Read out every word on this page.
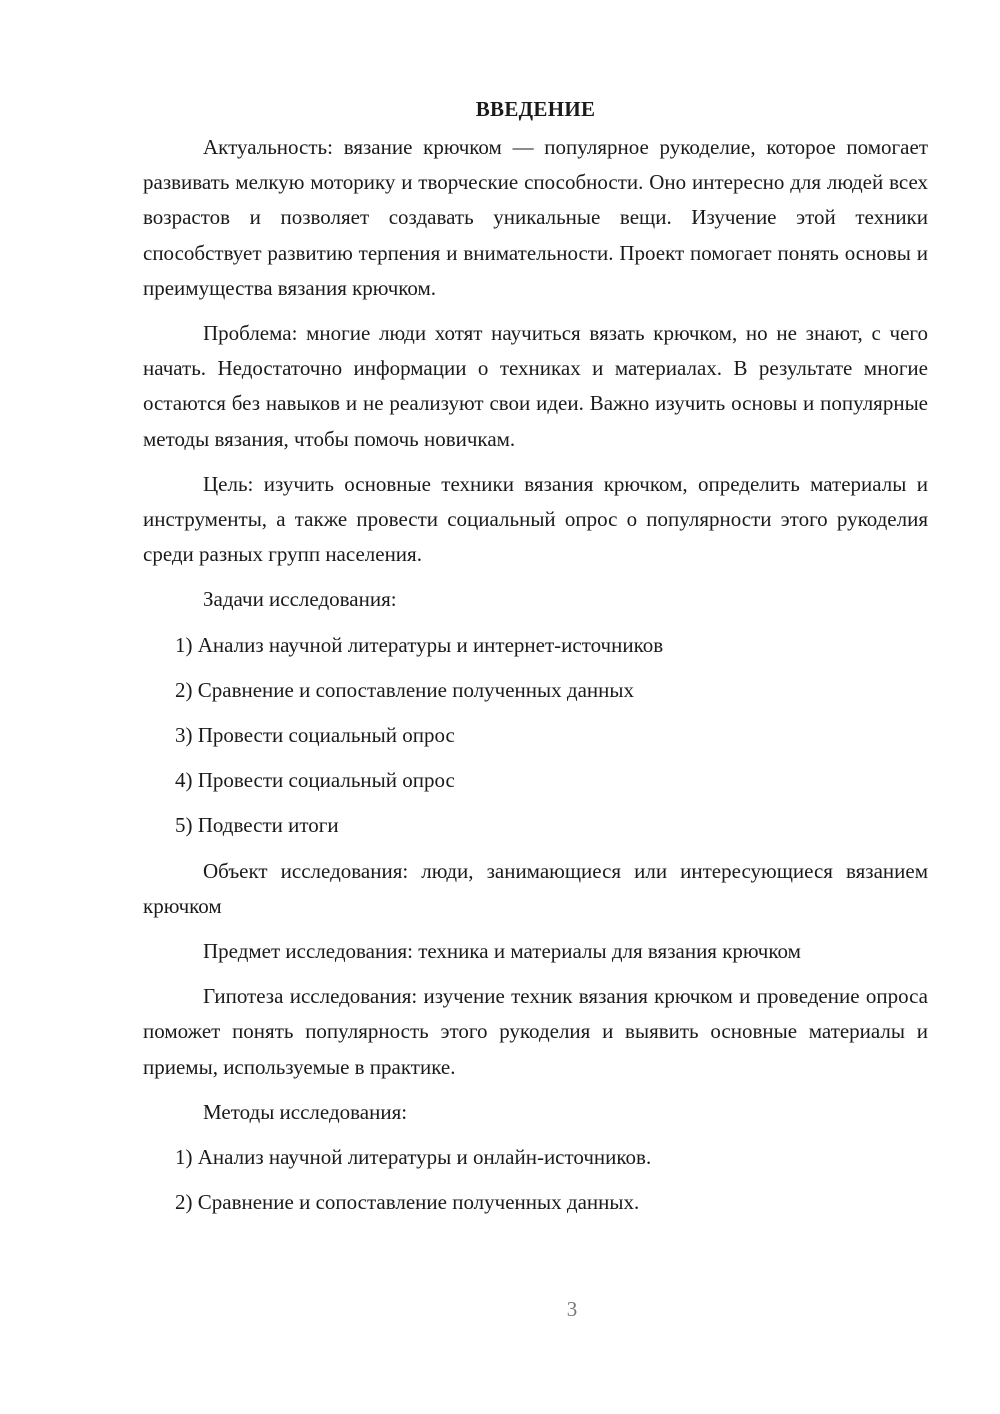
ВВЕДЕНИЕ

Актуальность: вязание крючком — популярное рукоделие, которое помогает развивать мелкую моторику и творческие способности. Оно интересно для людей всех возрастов и позволяет создавать уникальные вещи. Изучение этой техники способствует развитию терпения и внимательности. Проект помогает понять основы и преимущества вязания крючком.

Проблема: многие люди хотят научиться вязать крючком, но не знают, с чего начать. Недостаточно информации о техниках и материалах. В результате многие остаются без навыков и не реализуют свои идеи. Важно изучить основы и популярные методы вязания, чтобы помочь новичкам.

Цель: изучить основные техники вязания крючком, определить материалы и инструменты, а также провести социальный опрос о популярности этого рукоделия среди разных групп населения.

Задачи исследования:

1) Анализ научной литературы и интернет-источников

2) Сравнение и сопоставление полученных данных

3) Провести социальный опрос

4) Провести социальный опрос

5) Подвести итоги

Объект исследования: люди, занимающиеся или интересующиеся вязанием крючком

Предмет исследования: техника и материалы для вязания крючком

Гипотеза исследования: изучение техник вязания крючком и проведение опроса поможет понять популярность этого рукоделия и выявить основные материалы и приемы, используемые в практике.

Методы исследования:

1) Анализ научной литературы и онлайн-источников.

2) Сравнение и сопоставление полученных данных.

3
